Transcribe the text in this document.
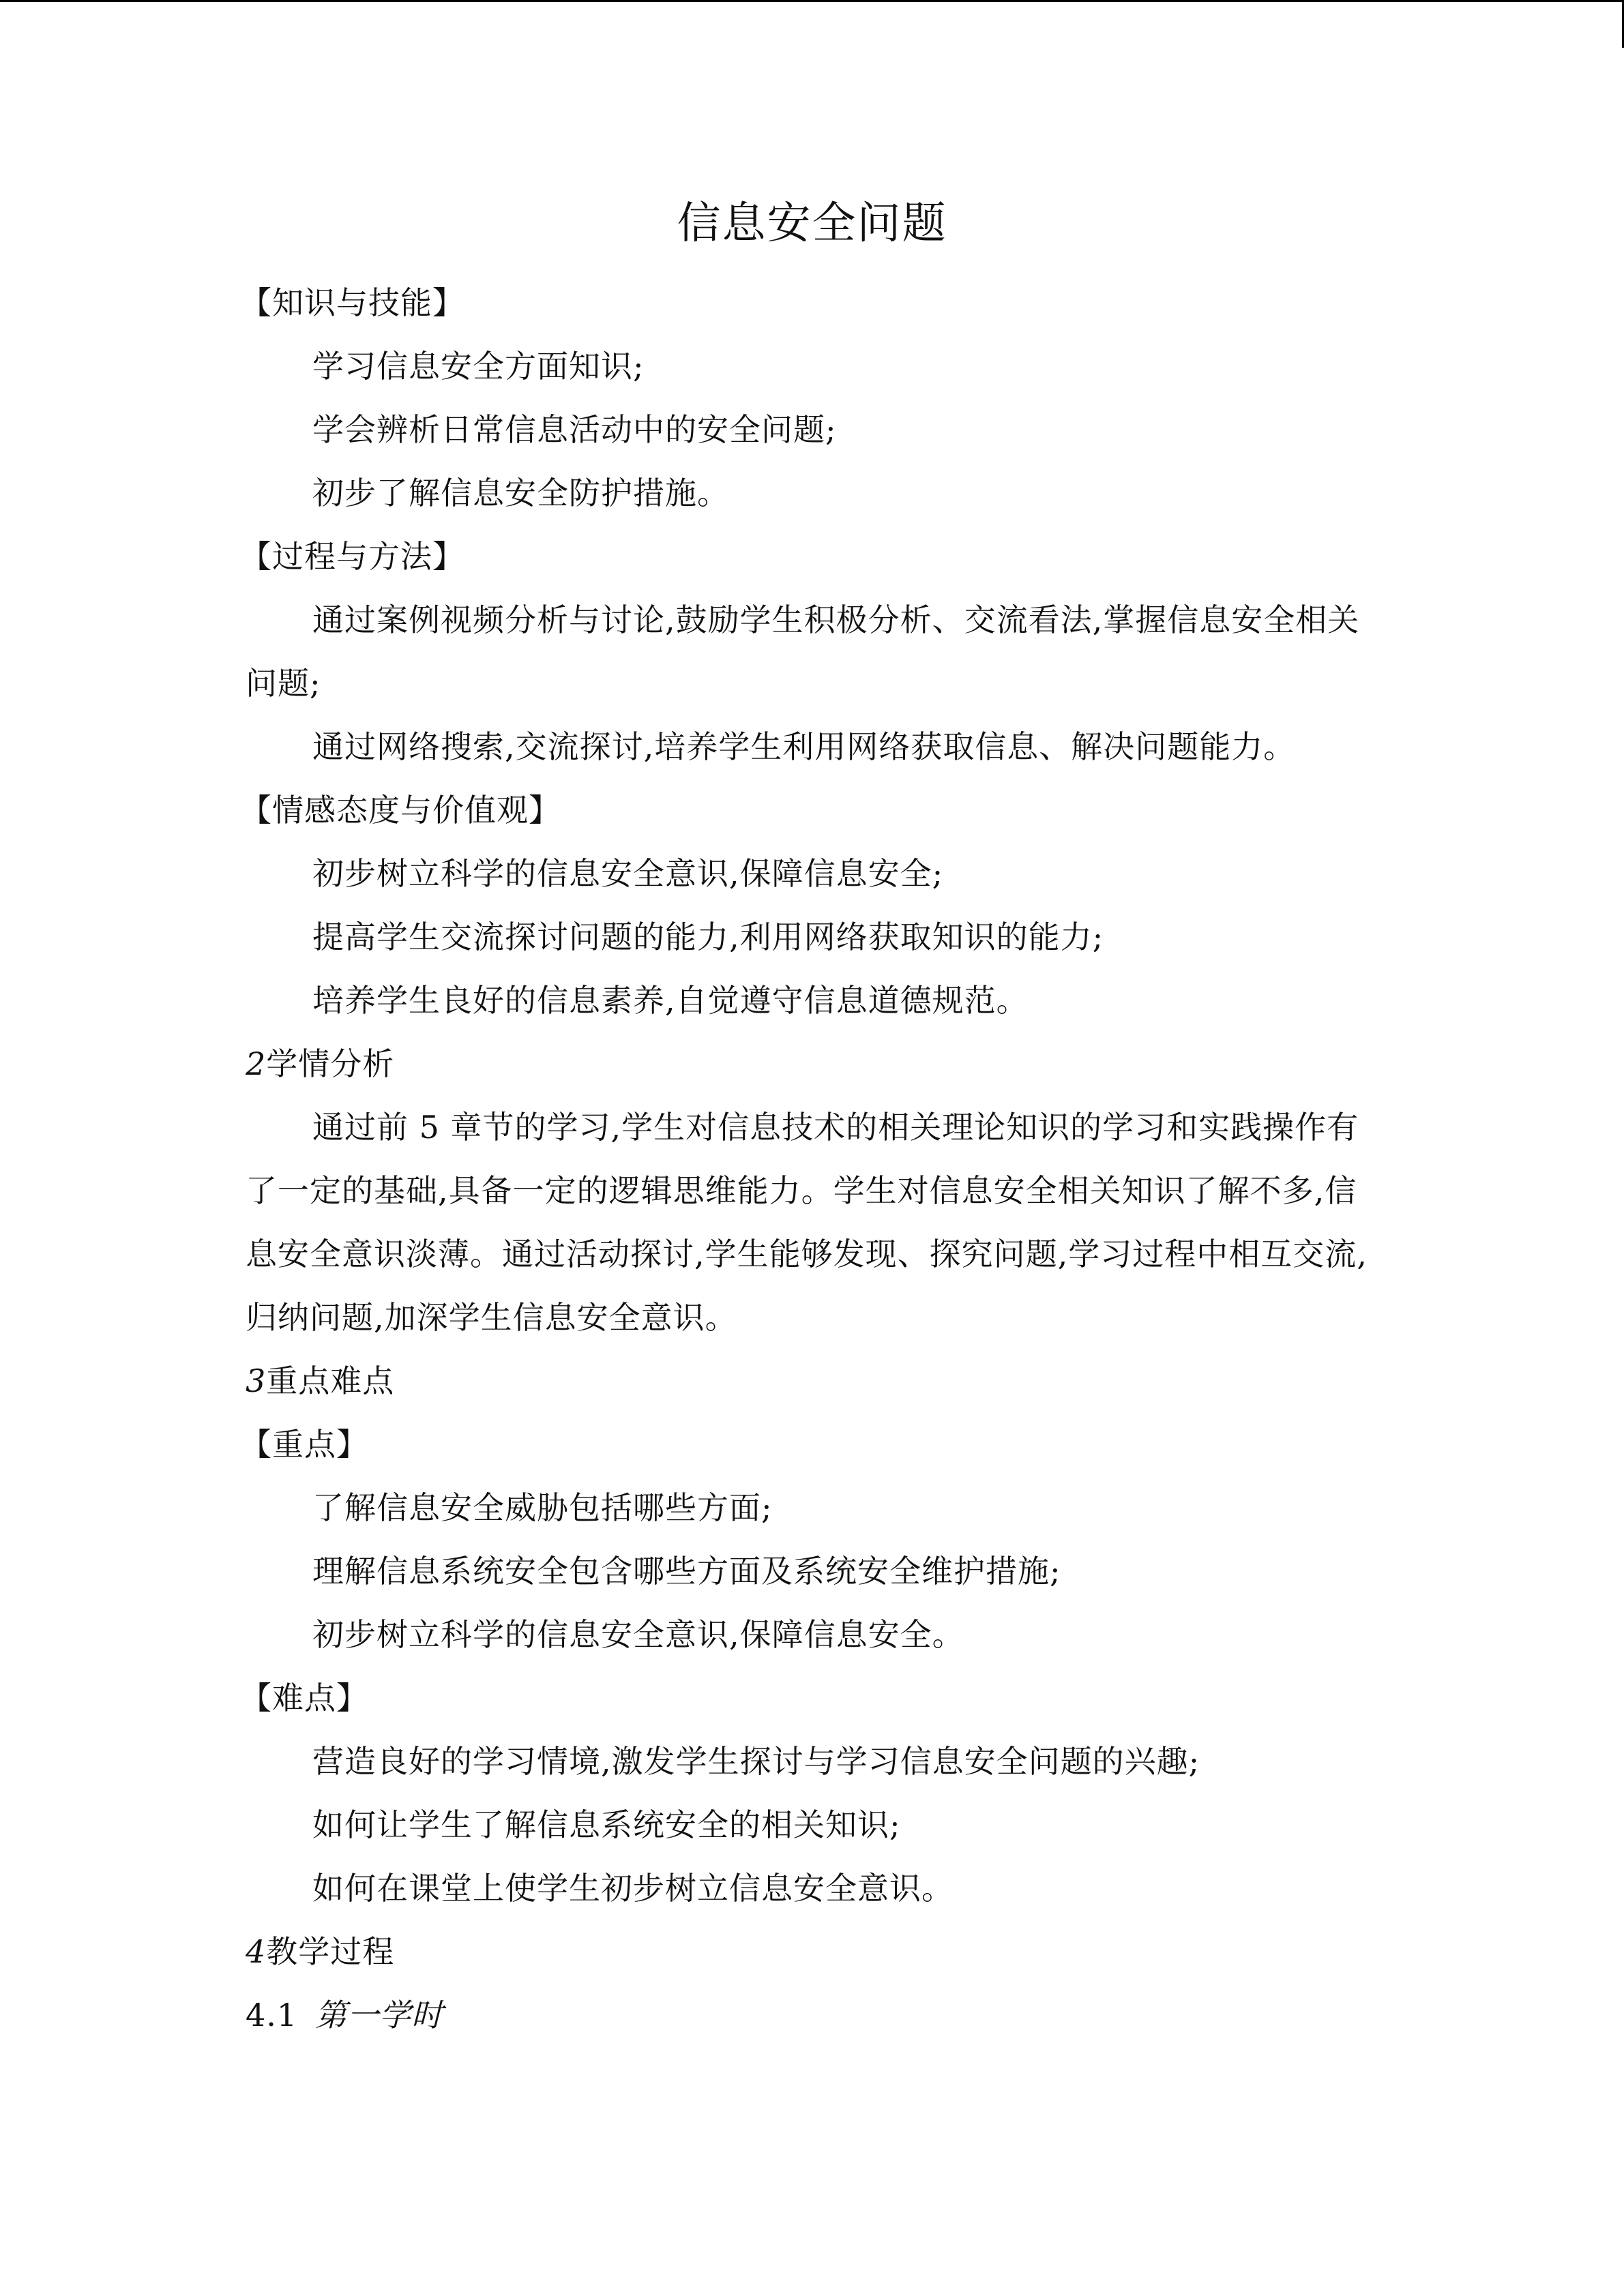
信息安全问题
【知识与技能】
学习信息安全方面知识;
学会辨析日常信息活动中的安全问题;
初步了解信息安全防护措施。
【过程与方法】
通过案例视频分析与讨论,鼓励学生积极分析、交流看法,掌握信息安全相关问题;
通过网络搜索,交流探讨,培养学生利用网络获取信息、解决问题能力。
【情感态度与价值观】
初步树立科学的信息安全意识,保障信息安全;
提高学生交流探讨问题的能力,利用网络获取知识的能力;
培养学生良好的信息素养,自觉遵守信息道德规范。
2学情分析
通过前 5 章节的学习,学生对信息技术的相关理论知识的学习和实践操作有了一定的基础,具备一定的逻辑思维能力。学生对信息安全相关知识了解不多,信息安全意识淡薄。通过活动探讨,学生能够发现、探究问题,学习过程中相互交流,归纳问题,加深学生信息安全意识。
3重点难点
【重点】
了解信息安全威胁包括哪些方面;
理解信息系统安全包含哪些方面及系统安全维护措施;
初步树立科学的信息安全意识,保障信息安全。
【难点】
营造良好的学习情境,激发学生探讨与学习信息安全问题的兴趣;
如何让学生了解信息系统安全的相关知识;
如何在课堂上使学生初步树立信息安全意识。
4教学过程
4.1 第一学时
